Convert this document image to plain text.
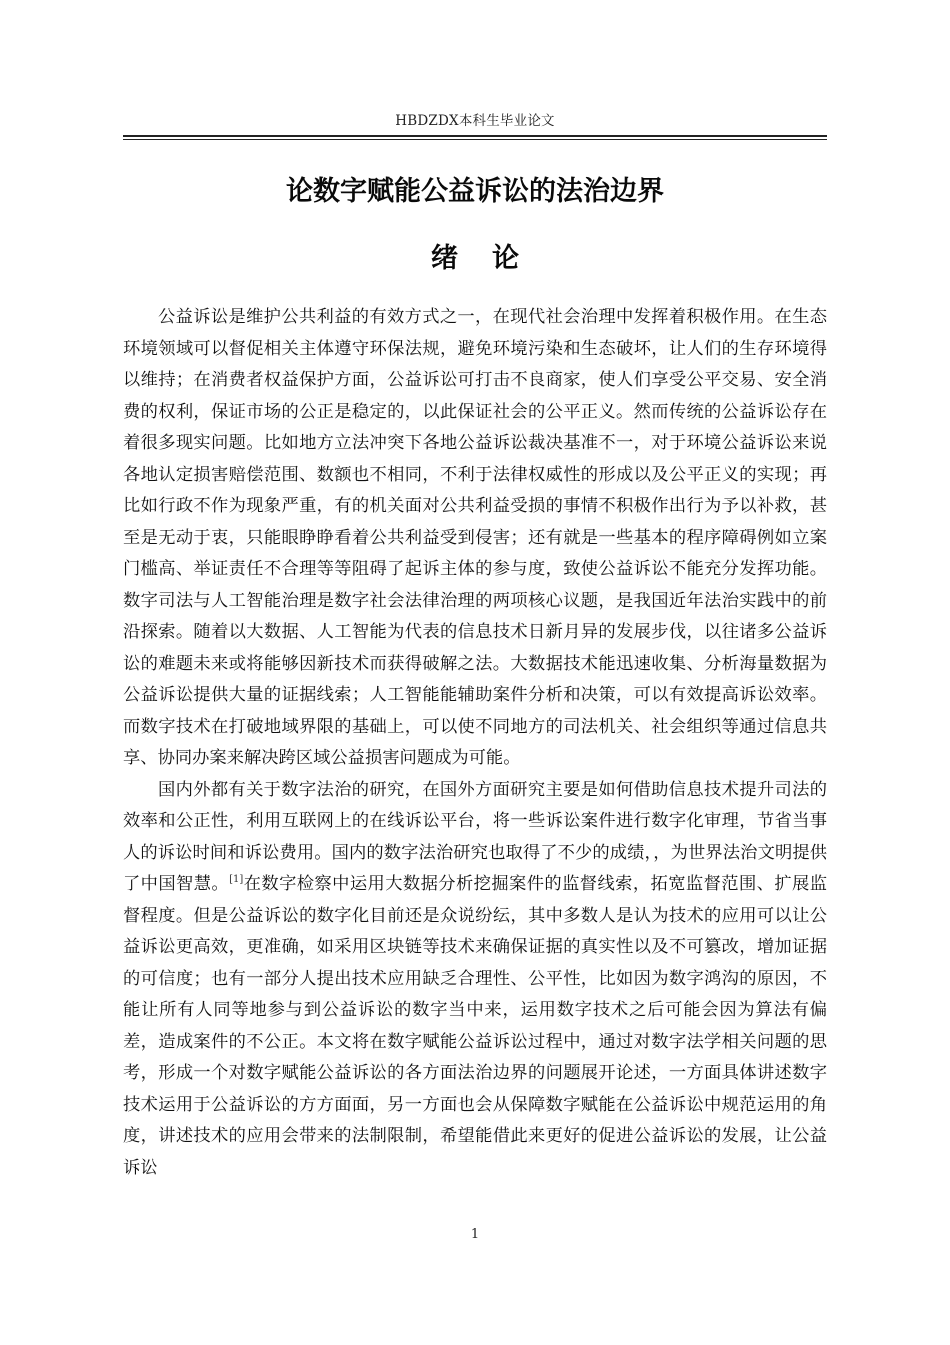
HBDZDX本科生毕业论文
论数字赋能公益诉讼的法治边界
绪论

公益诉讼是维护公共利益的有效方式之一，在现代社会治理中发挥着积极作用。在生态环境领域可以督促相关主体遵守环保法规，避免环境污染和生态破坏，让人们的生存环境得以维持；在消费者权益保护方面，公益诉讼可打击不良商家，使人们享受公平交易、安全消费的权利，保证市场的公正是稳定的，以此保证社会的公平正义。然而传统的公益诉讼存在着很多现实问题。比如地方立法冲突下各地公益诉讼裁决基准不一，对于环境公益诉讼来说各地认定损害赔偿范围、数额也不相同，不利于法律权威性的形成以及公平正义的实现；再比如行政不作为现象严重，有的机关面对公共利益受损的事情不积极作出行为予以补救，甚至是无动于衷，只能眼睁睁看着公共利益受到侵害；还有就是一些基本的程序障碍例如立案门槛高、举证责任不合理等等阻碍了起诉主体的参与度，致使公益诉讼不能充分发挥功能。数字司法与人工智能治理是数字社会法律治理的两项核心议题，是我国近年法治实践中的前沿探索。随着以大数据、人工智能为代表的信息技术日新月异的发展步伐，以往诸多公益诉讼的难题未来或将能够因新技术而获得破解之法。大数据技术能迅速收集、分析海量数据为公益诉讼提供大量的证据线索；人工智能能辅助案件分析和决策，可以有效提高诉讼效率。而数字技术在打破地域界限的基础上，可以使不同地方的司法机关、社会组织等通过信息共享、协同办案来解决跨区域公益损害问题成为可能。

国内外都有关于数字法治的研究，在国外方面研究主要是如何借助信息技术提升司法的效率和公正性，利用互联网上的在线诉讼平台，将一些诉讼案件进行数字化审理，节省当事人的诉讼时间和诉讼费用。国内的数字法治研究也取得了不少的成绩，，为世界法治文明提供了中国智慧。[1]在数字检察中运用大数据分析挖掘案件的监督线索，拓宽监督范围、扩展监督程度。但是公益诉讼的数字化目前还是众说纷纭，其中多数人是认为技术的应用可以让公益诉讼更高效，更准确，如采用区块链等技术来确保证据的真实性以及不可篡改，增加证据的可信度；也有一部分人提出技术应用缺乏合理性、公平性，比如因为数字鸿沟的原因，不能让所有人同等地参与到公益诉讼的数字当中来，运用数字技术之后可能会因为算法有偏差，造成案件的不公正。本文将在数字赋能公益诉讼过程中，通过对数字法学相关问题的思考，形成一个对数字赋能公益诉讼的各方面法治边界的问题展开论述，一方面具体讲述数字技术运用于公益诉讼的方方面面，另一方面也会从保障数字赋能在公益诉讼中规范运用的角度，讲述技术的应用会带来的法制限制，希望能借此来更好的促进公益诉讼的发展，让公益诉讼

1
